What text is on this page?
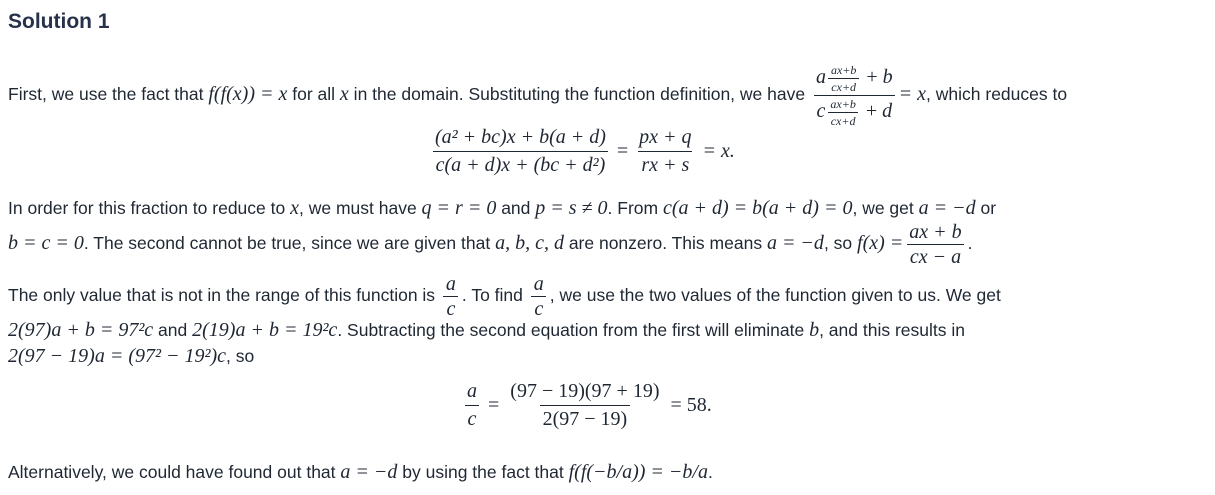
Solution 1
First, we use the fact that f(f(x)) = x for all x in the domain. Substituting the function definition, we have $\frac{a \frac{ax+b}{cx+d} + b}{c \frac{ax+b}{cx+d} + d} = x$, which reduces to
$\frac{\text{(a² + bc)x + b(a + d)}}{\text{c(a + d)x + (bc + d²)}} = \frac{px + q}{rx + s} = x$.
In order for this fraction to reduce to x, we must have q = r = 0 and p = s ≠ 0. From c(a + d) = b(a + d) = 0, we get a = −d or
b = c = 0. The second cannot be true, since we are given that a, b, c, d are nonzero. This means a = −d, so $f(x) = \frac{ax + b}{cx - a}$ .
The only value that is not in the range of this function is $\frac{a}{c}$ . To find $\frac{a}{c}$ , we use the two values of the function given to us. We get
2(97)a + b = 97²c and 2(19)a + b = 19²c. Subtracting the second equation from the first will eliminate b, and this results in
2(97 − 19)a = (97² − 19²)c, so
$\frac{a}{c} = \frac{(97 - 19)(97 + 19)}{2(97 - 19)} = 58$.
Alternatively, we could have found out that a = −d by using the fact that f(f(−b/a)) = −b/a.
